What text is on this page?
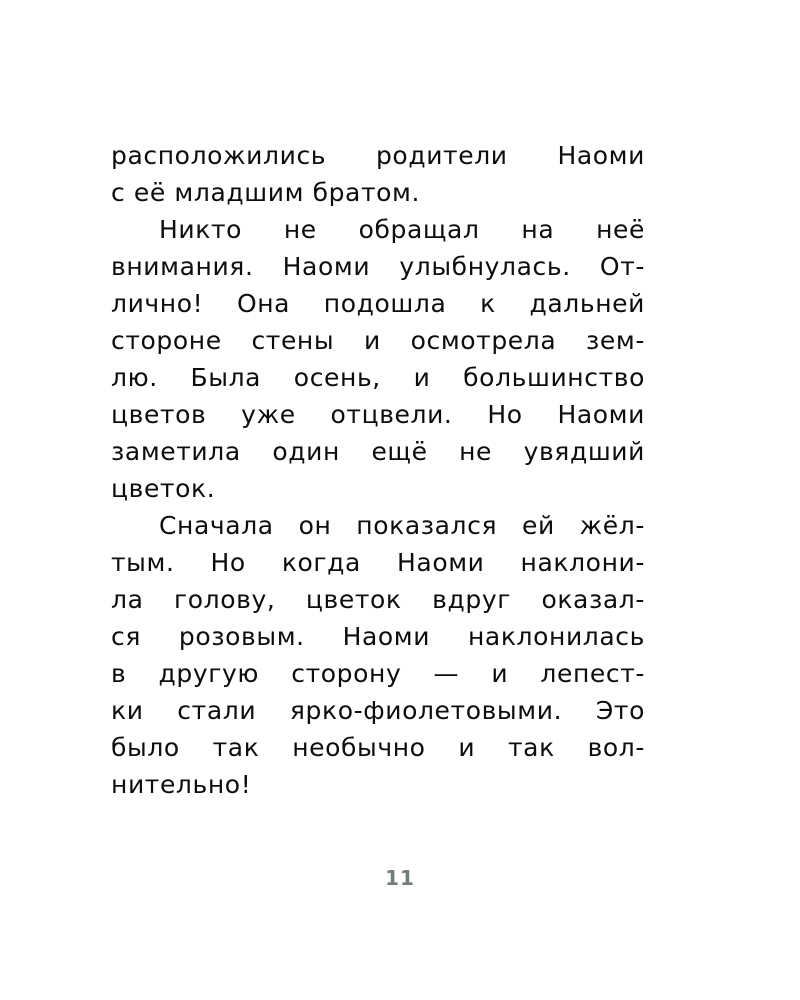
расположились родители Наоми
с её младшим братом.
Никто не обращал на неё
внимания. Наоми улыбнулась. От-
лично! Она подошла к дальней
стороне стены и осмотрела зем-
лю. Была осень, и большинство
цветов уже отцвели. Но Наоми
заметила один ещё не увядший
цветок.
Сначала он показался ей жёл-
тым. Но когда Наоми наклони-
ла голову, цветок вдруг оказал-
ся розовым. Наоми наклонилась
в другую сторону — и лепест-
ки стали ярко-фиолетовыми. Это
было так необычно и так вол-
нительно!
11
